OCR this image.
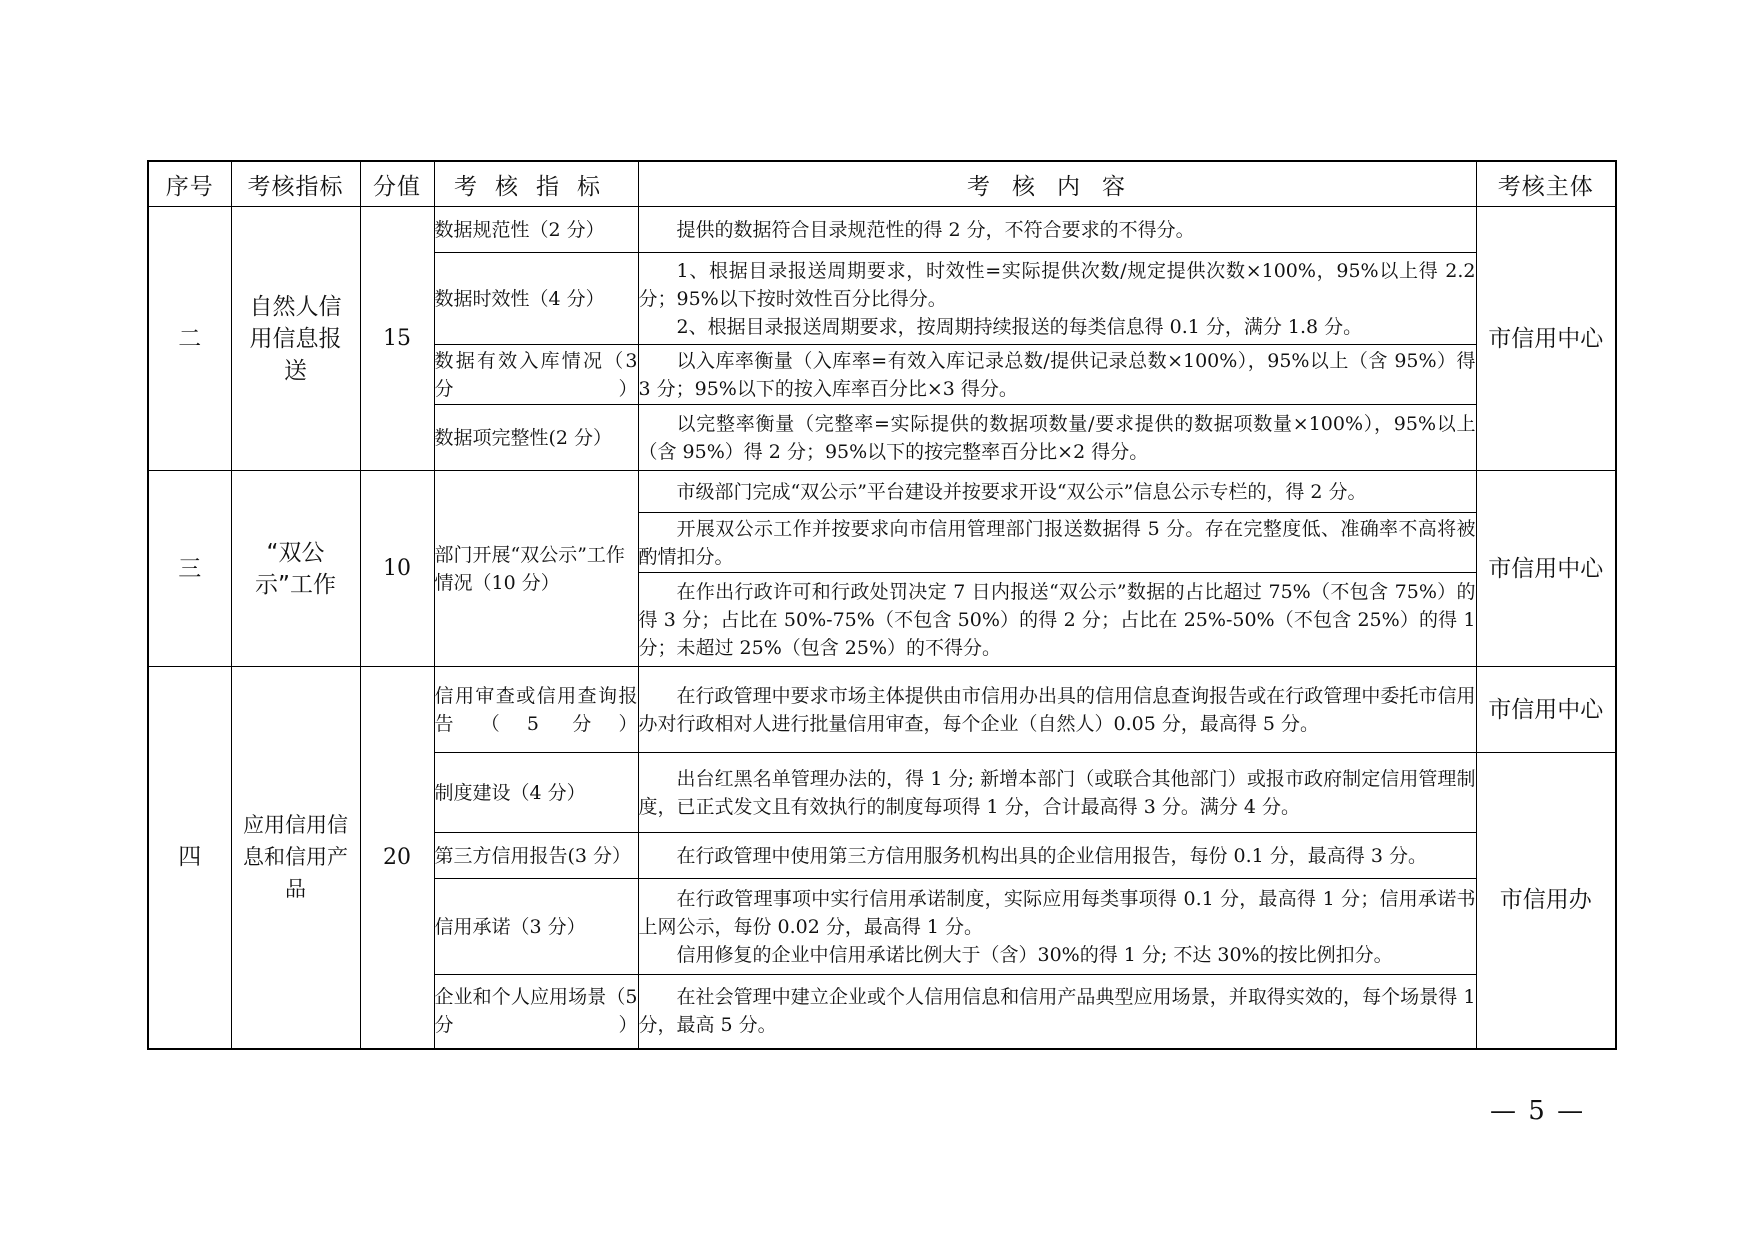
序号	考核指标	分值	考核指标	考核内容	考核主体
二	自然人信用信息报送	15	数据规范性（2 分）	提供的数据符合目录规范性的得 2 分，不符合要求的不得分。	市信用中心
			数据时效性（4 分）	1、根据目录报送周期要求，时效性=实际提供次数/规定提供次数×100%，95%以上得 2.2 分；95%以下按时效性百分比得分。

2、根据目录报送周期要求，按周期持续报送的每类信息得 0.1 分，满分 1.8 分。	

			数据有效入库情况（3 分）	以入库率衡量（入库率=有效入库记录总数/提供记录总数×100%），95%以上（含 95%）得 3 分；95%以下的按入库率百分比×3 得分。	

			数据项完整性(2 分）	以完整率衡量（完整率=实际提供的数据项数量/要求提供的数据项数量×100%），95%以上（含 95%）得 2 分；95%以下的按完整率百分比×2 得分。	

三	“双公示”工作	10	部门开展“双公示”工作情况（10 分）	市级部门完成“双公示”平台建设并按要求开设“双公示”信息公示专栏的，得 2 分。	市信用中心

				开展双公示工作并按要求向市信用管理部门报送数据得 5 分。存在完整度低、准确率不高将被酌情扣分。	

				在作出行政许可和行政处罚决定 7 日内报送“双公示”数据的占比超过 75%（不包含 75%）的得 3 分；占比在 50%-75%（不包含 50%）的得 2 分；占比在 25%-50%（不包含 25%）的得 1 分；未超过 25%（包含 25%）的不得分。	

四	应用信用信息和信用产品	20	信用审查或信用查询报告（5 分）	在行政管理中要求市场主体提供由市信用办出具的信用信息查询报告或在行政管理中委托市信用办对行政相对人进行批量信用审查，每个企业（自然人）0.05 分，最高得 5 分。	市信用中心
			制度建设（4 分）	出台红黑名单管理办法的，得 1 分; 新增本部门（或联合其他部门）或报市政府制定信用管理制度，已正式发文且有效执行的制度每项得 1 分，合计最高得 3 分。满分 4 分。	市信用办
			第三方信用报告(3 分）	在行政管理中使用第三方信用服务机构出具的企业信用报告，每份 0.1 分，最高得 3 分。	

			信用承诺（3 分）	在行政管理事项中实行信用承诺制度，实际应用每类事项得 0.1 分，最高得 1 分；信用承诺书上网公示，每份 0.02 分，最高得 1 分。

信用修复的企业中信用承诺比例大于（含）30%的得 1 分; 不达 30%的按比例扣分。	

			企业和个人应用场景（5 分）	在社会管理中建立企业或个人信用信息和信用产品典型应用场景，并取得实效的，每个场景得 1 分，最高 5 分。	

— 5 —
